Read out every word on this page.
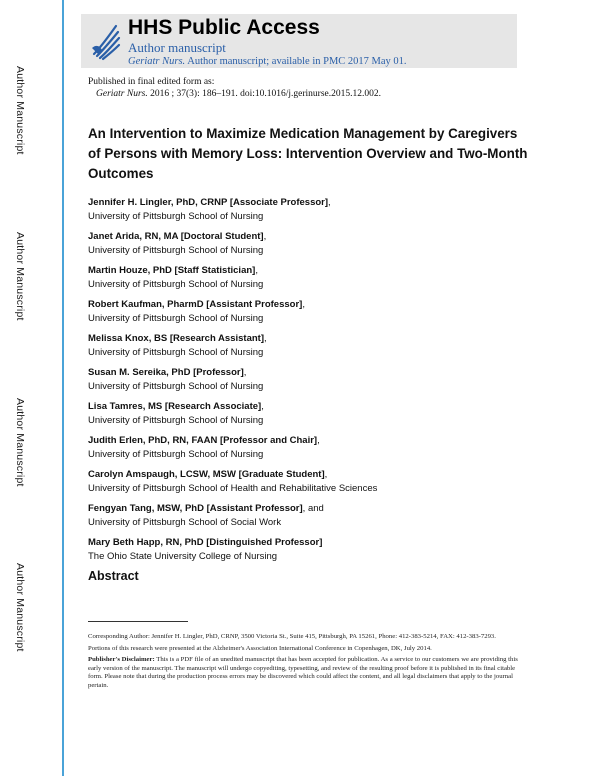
Author Manuscript
Author Manuscript
Author Manuscript
Author Manuscript
HHS Public Access
Author manuscript
Geriatr Nurs. Author manuscript; available in PMC 2017 May 01.
Published in final edited form as:
Geriatr Nurs. 2016 ; 37(3): 186–191. doi:10.1016/j.gerinurse.2015.12.002.
An Intervention to Maximize Medication Management by Caregivers of Persons with Memory Loss: Intervention Overview and Two-Month Outcomes
Jennifer H. Lingler, PhD, CRNP [Associate Professor],
University of Pittsburgh School of Nursing
Janet Arida, RN, MA [Doctoral Student],
University of Pittsburgh School of Nursing
Martin Houze, PhD [Staff Statistician],
University of Pittsburgh School of Nursing
Robert Kaufman, PharmD [Assistant Professor],
University of Pittsburgh School of Nursing
Melissa Knox, BS [Research Assistant],
University of Pittsburgh School of Nursing
Susan M. Sereika, PhD [Professor],
University of Pittsburgh School of Nursing
Lisa Tamres, MS [Research Associate],
University of Pittsburgh School of Nursing
Judith Erlen, PhD, RN, FAAN [Professor and Chair],
University of Pittsburgh School of Nursing
Carolyn Amspaugh, LCSW, MSW [Graduate Student],
University of Pittsburgh School of Health and Rehabilitative Sciences
Fengyan Tang, MSW, PhD [Assistant Professor], and
University of Pittsburgh School of Social Work
Mary Beth Happ, RN, PhD [Distinguished Professor]
The Ohio State University College of Nursing
Abstract

Corresponding Author: Jennifer H. Lingler, PhD, CRNP, 3500 Victoria St., Suite 415, Pittsburgh, PA 15261, Phone: 412-383-5214, FAX: 412-383-7293.

Portions of this research were presented at the Alzheimer's Association International Conference in Copenhagen, DK, July 2014.

Publisher's Disclaimer: This is a PDF file of an unedited manuscript that has been accepted for publication. As a service to our customers we are providing this early version of the manuscript. The manuscript will undergo copyediting, typesetting, and review of the resulting proof before it is published in its final citable form. Please note that during the production process errors may be discovered which could affect the content, and all legal disclaimers that apply to the journal pertain.
